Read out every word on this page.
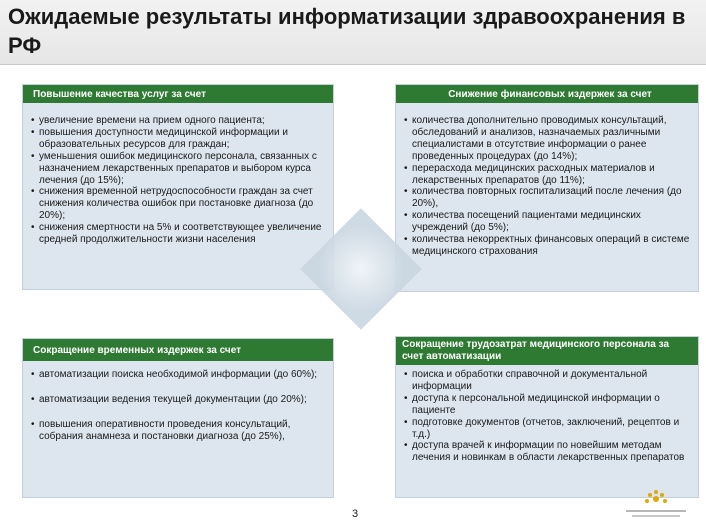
Ожидаемые результаты информатизации здравоохранения в РФ
Повышение качества услуг за счет
• увеличение времени на прием одного пациента;
• повышения доступности медицинской информации и образовательных ресурсов для граждан;
• уменьшения ошибок медицинского персонала, связанных с назначением лекарственных препаратов и выбором курса лечения (до 15%);
• снижения временной нетрудоспособности граждан за счет снижения количества ошибок при постановке диагноза (до 20%);
• снижения смертности на 5% и соответствующее увеличение средней продолжительности жизни населения
Снижение финансовых издержек за счет
• количества дополнительно проводимых консультаций, обследований и анализов, назначаемых различными специалистами в отсутствие информации о ранее проведенных процедурах (до 14%);
• перерасхода медицинских расходных материалов и лекарственных препаратов (до 11%);
• количества повторных госпитализаций после лечения (до 20%),
• количества посещений пациентами медицинских учреждений (до 5%);
• количества некорректных финансовых операций в системе медицинского страхования
Сокращение временных издержек за счет
• автоматизации поиска необходимой информации (до 60%);
• автоматизации ведения текущей документации (до 20%);
• повышения оперативности проведения консультаций, собрания анамнеза и постановки диагноза (до 25%),
Сокращение трудозатрат медицинского персонала за счет автоматизации
• поиска и обработки справочной и документальной информации
• доступа к персональной медицинской информации о пациенте
• подготовке документов (отчетов, заключений, рецептов и т.д.)
• доступа врачей к информации по новейшим методам лечения и новинкам в области лекарственных препаратов
3
